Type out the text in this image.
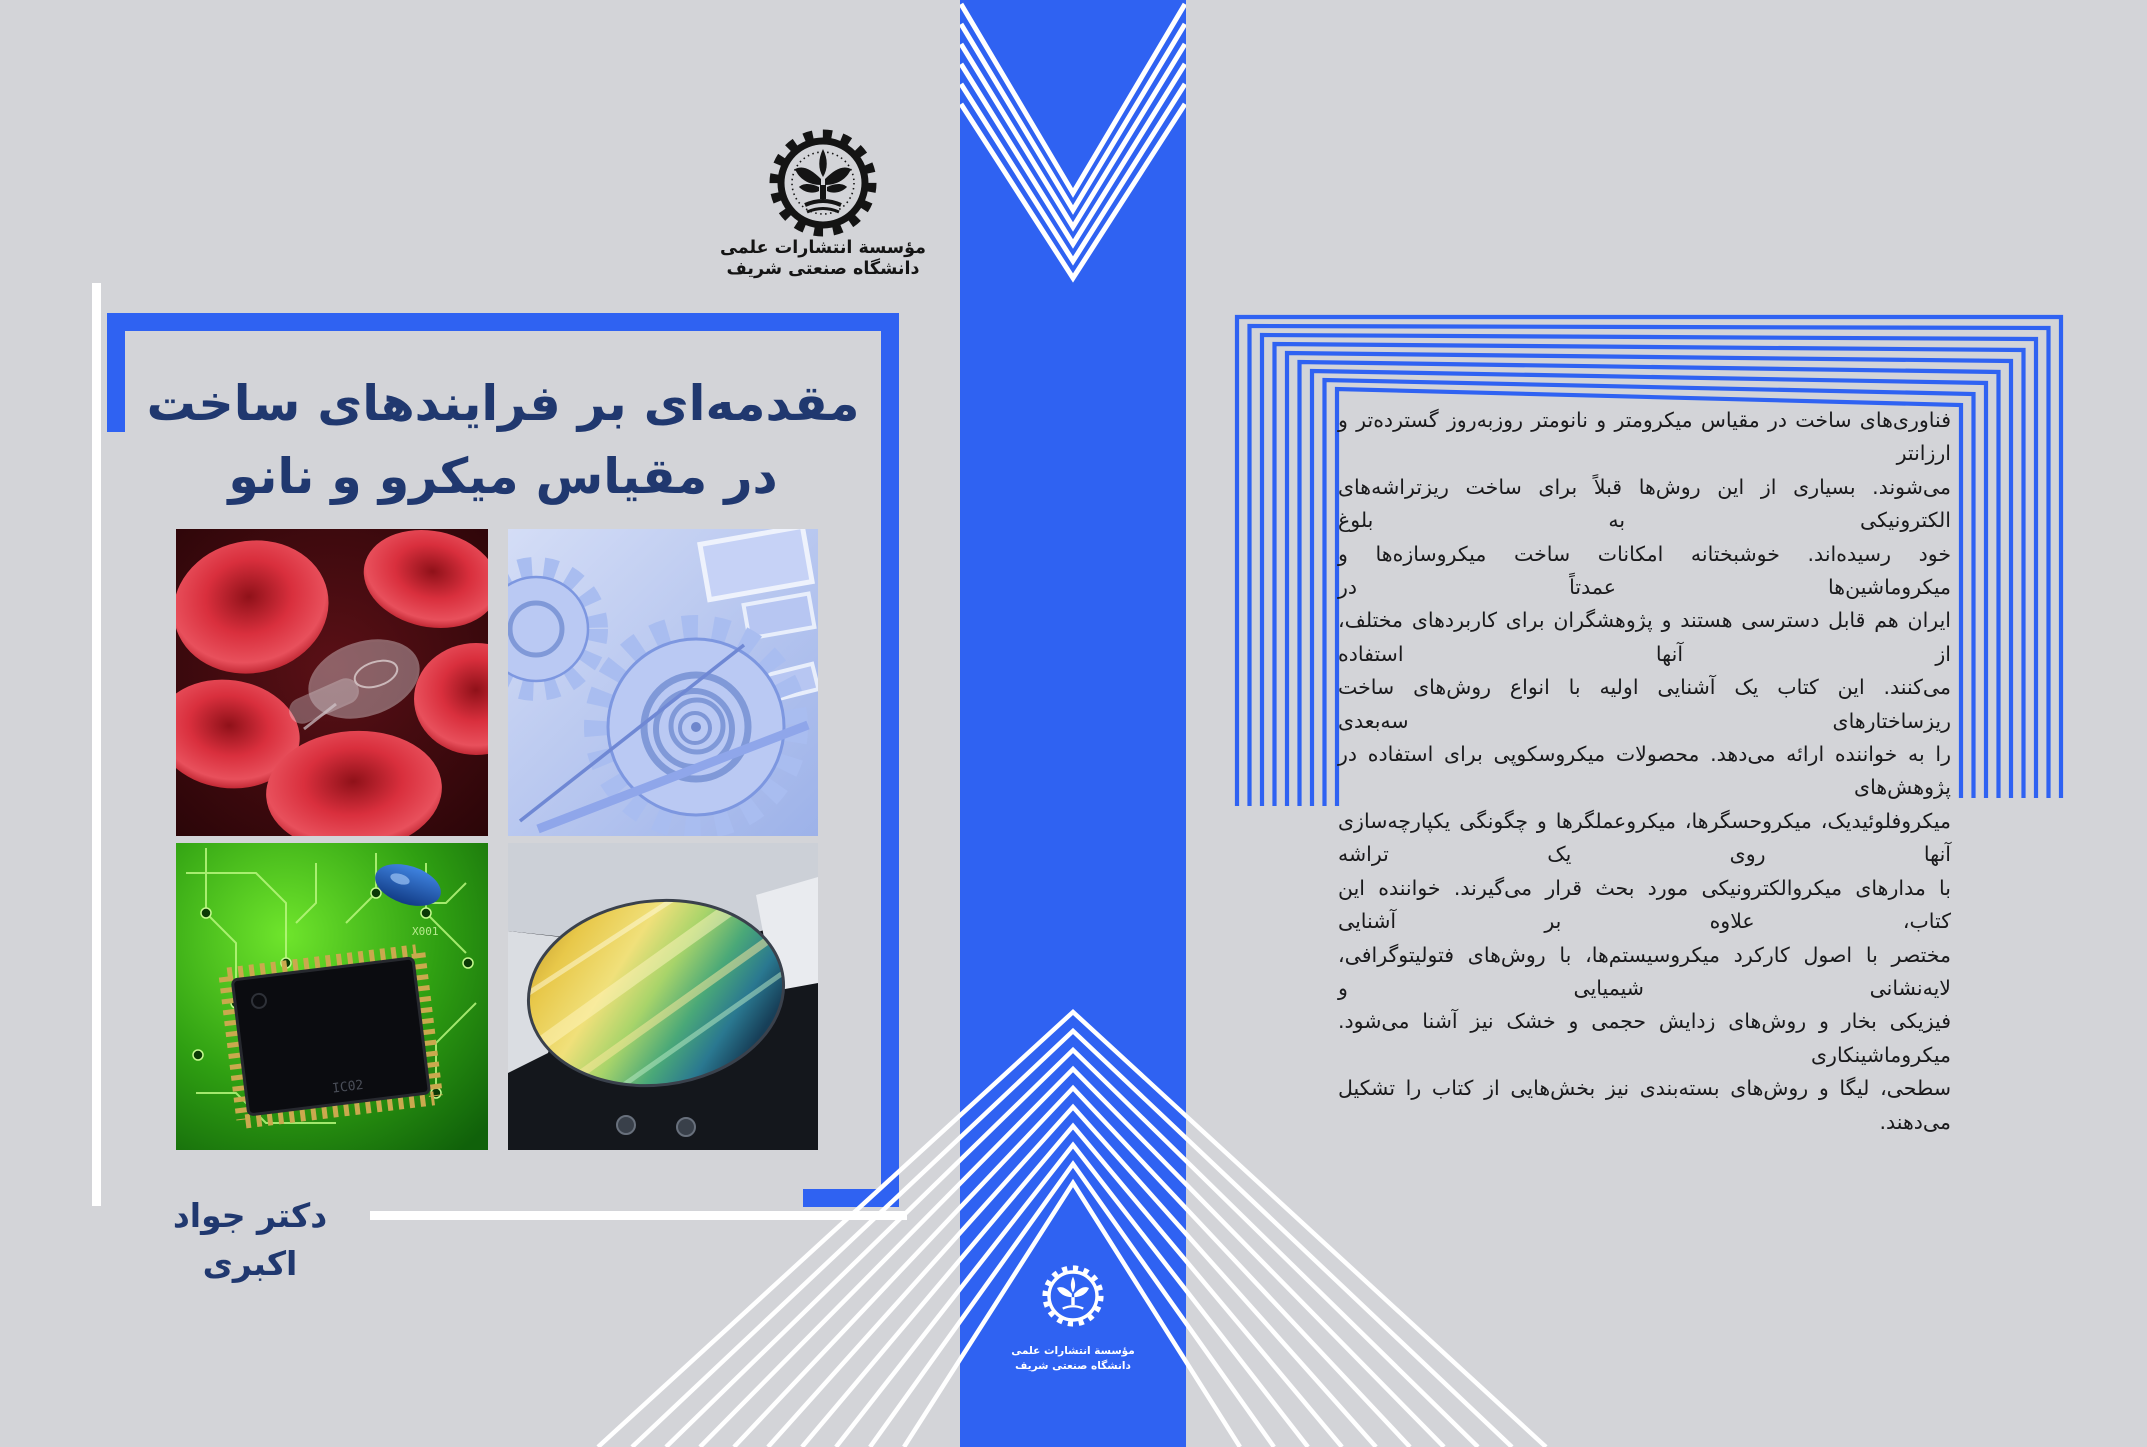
مؤسسة انتشارات علمی
دانشگاه صنعتی شریف
مقدمه‌ای بر فرایندهای ساخت
در مقیاس میکرو و نانو
IC02
X001
دکتر جواد اکبری
مؤسسة انتشارات علمی
دانشگاه صنعتی شریف
فناوری‌های ساخت در مقیاس میکرومتر و نانومتر روزبه‌روز گسترده‌تر و ارزانتر
می‌شوند. بسیاری از این روش‌ها قبلاً برای ساخت ریزتراشه‌های الکترونیکی به بلوغ
خود رسیده‌اند. خوشبختانه امکانات ساخت میکروسازه‌ها و میکروماشین‌ها عمدتاً در
ایران هم قابل دسترسی هستند و پژوهشگران برای کاربردهای مختلف، از آنها استفاده
می‌کنند. این کتاب یک آشنایی اولیه با انواع روش‌های ساخت ریزساختارهای سه‌بعدی
را به خواننده ارائه می‌دهد. محصولات میکروسکوپی برای استفاده در پژوهش‌های
میکروفلوئیدیک، میکروحسگرها، میکروعملگرها و چگونگی یکپارچه‌سازی آنها روی یک تراشه
با مدارهای میکروالکترونیکی مورد بحث قرار می‌گیرند. خواننده این کتاب، علاوه بر آشنایی
مختصر با اصول کارکرد میکروسیستم‌ها، با روش‌های فتولیتوگرافی، لایه‌نشانی شیمیایی و
فیزیکی بخار و روش‌های زدایش حجمی و خشک نیز آشنا می‌شود. میکروماشینکاری
سطحی، لیگا و روش‌های بسته‌بندی نیز بخش‌هایی از کتاب را تشکیل می‌دهند.
